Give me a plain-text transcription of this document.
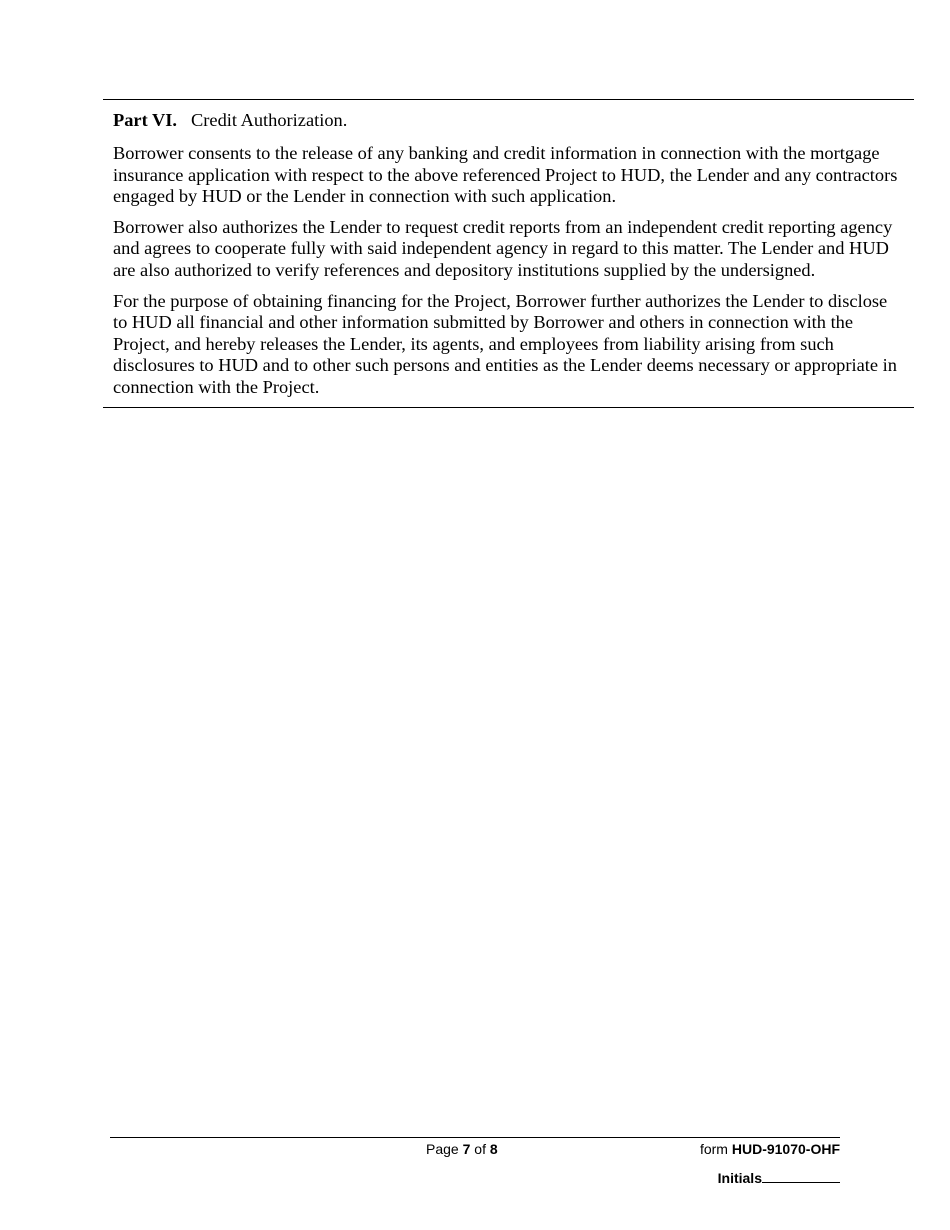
Part VI. Credit Authorization.

Borrower consents to the release of any banking and credit information in connection with the mortgage insurance application with respect to the above referenced Project to HUD, the Lender and any contractors engaged by HUD or the Lender in connection with such application.

Borrower also authorizes the Lender to request credit reports from an independent credit reporting agency and agrees to cooperate fully with said independent agency in regard to this matter. The Lender and HUD are also authorized to verify references and depository institutions supplied by the undersigned.

For the purpose of obtaining financing for the Project, Borrower further authorizes the Lender to disclose to HUD all financial and other information submitted by Borrower and others in connection with the Project, and hereby releases the Lender, its agents, and employees from liability arising from such disclosures to HUD and to other such persons and entities as the Lender deems necessary or appropriate in connection with the Project.

Page 7 of 8	form HUD-91070-OHF
Initials
